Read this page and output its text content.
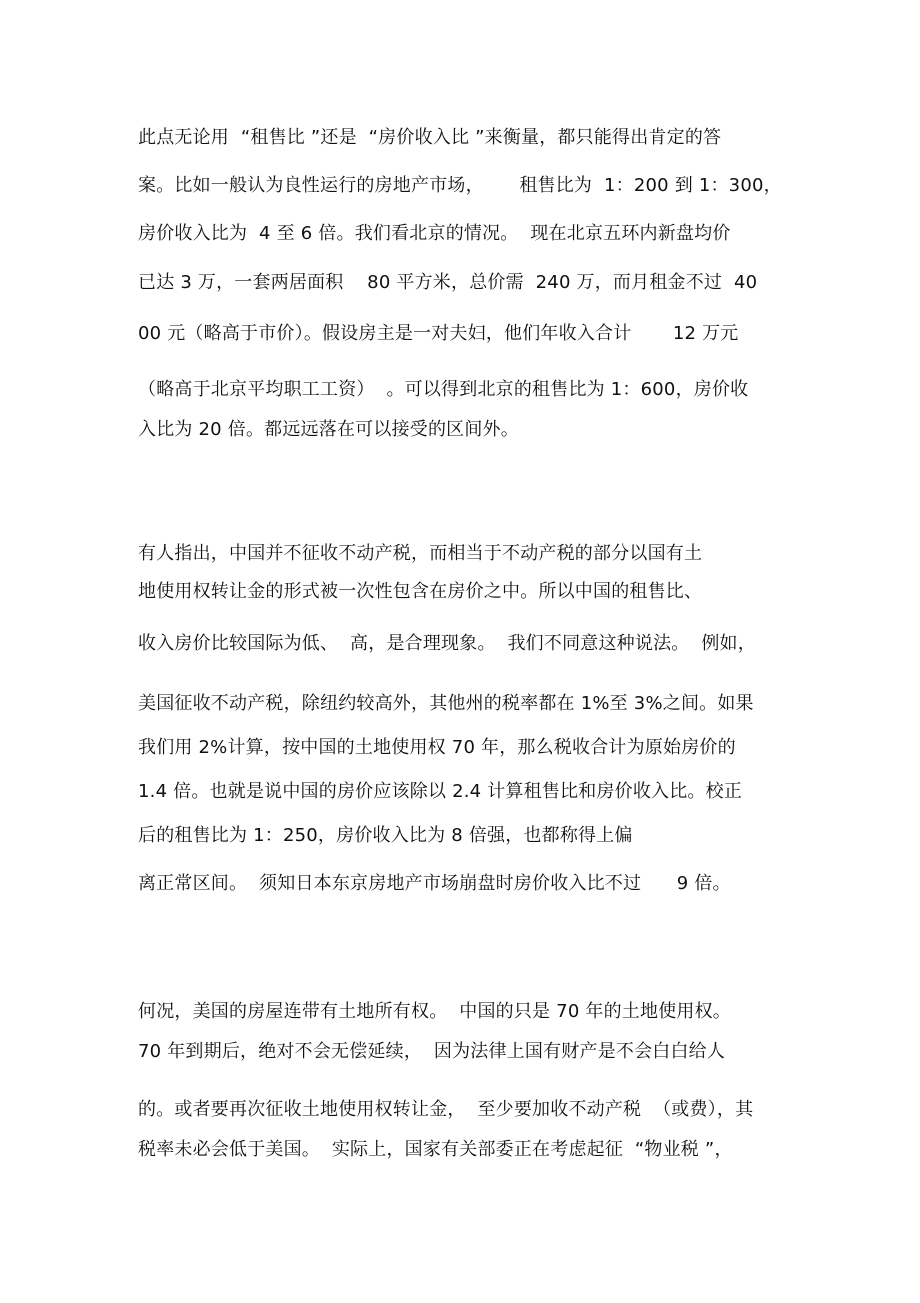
此点无论用  “租售比 ”还是  “房价收入比 ”来衡量，都只能得出肯定的答
案。比如一般认为良性运行的房地产市场，      租售比为  1：200 到 1：300，
房价收入比为  4 至 6 倍。我们看北京的情况。  现在北京五环内新盘均价
已达 3 万，一套两居面积    80 平方米，总价需  240 万，而月租金不过  40
00 元（略高于市价）。假设房主是一对夫妇，他们年收入合计       12 万元
（略高于北京平均职工工资）  。可以得到北京的租售比为 1：600，房价收
入比为 20 倍。都远远落在可以接受的区间外。
有人指出，中国并不征收不动产税，而相当于不动产税的部分以国有土
地使用权转让金的形式被一次性包含在房价之中。所以中国的租售比、
收入房价比较国际为低、  高，是合理现象。  我们不同意这种说法。  例如，
美国征收不动产税，除纽约较高外，其他州的税率都在 1%至 3%之间。如果
我们用 2%计算，按中国的土地使用权 70 年，那么税收合计为原始房价的
1.4 倍。也就是说中国的房价应该除以 2.4 计算租售比和房价收入比。校正
后的租售比为 1：250，房价收入比为 8 倍强，也都称得上偏
离正常区间。  须知日本东京房地产市场崩盘时房价收入比不过      9 倍。
何况，美国的房屋连带有土地所有权。  中国的只是 70 年的土地使用权。
70 年到期后，绝对不会无偿延续，  因为法律上国有财产是不会白白给人
的。或者要再次征收土地使用权转让金，  至少要加收不动产税  （或费），其
税率未必会低于美国。  实际上，国家有关部委正在考虑起征  “物业税 ”，
